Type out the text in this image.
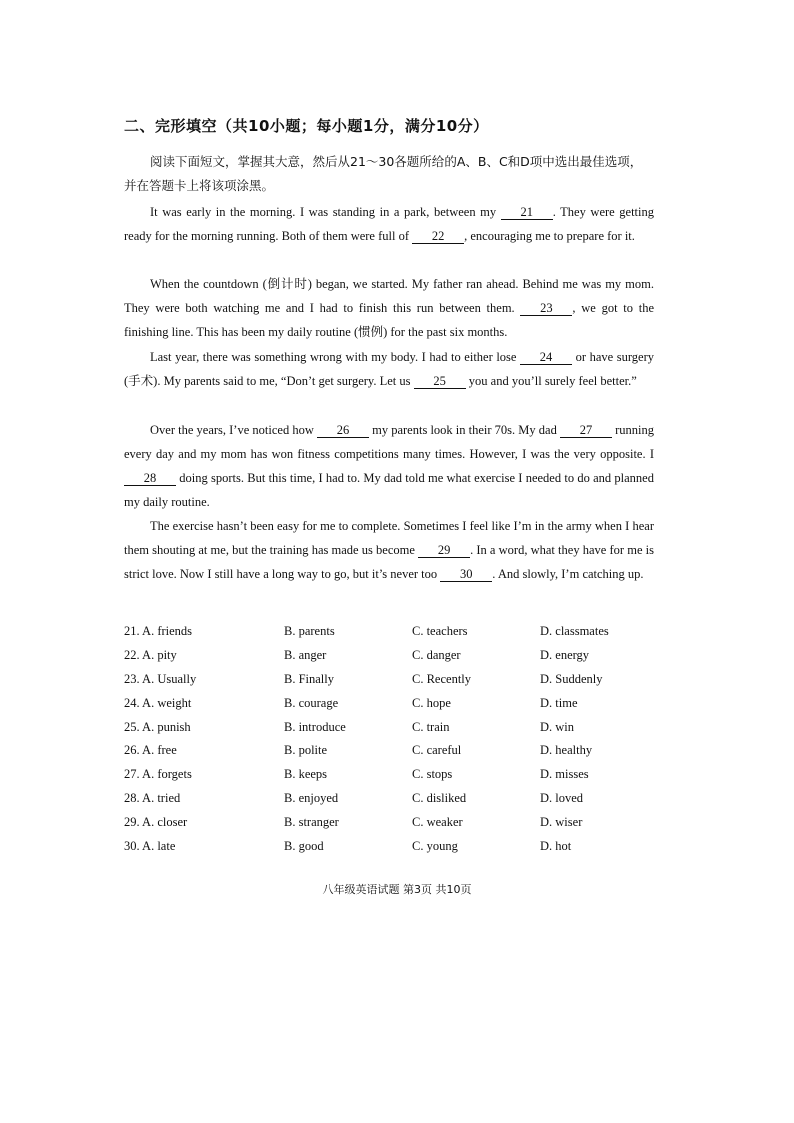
二、完形填空（共10小题；每小题1分，满分10分）
阅读下面短文，掌握其大意，然后从21～30各题所给的A、B、C和D项中选出最佳选项，并在答题卡上将该项涂黑。

It was early in the morning. I was standing in a park, between my 21 . They were getting ready for the morning running. Both of them were full of 22 , encouraging me to prepare for it.

When the countdown (倒计时) began, we started. My father ran ahead. Behind me was my mom. They were both watching me and I had to finish this run between them. 23 , we got to the finishing line. This has been my daily routine (惯例) for the past six months.

Last year, there was something wrong with my body. I had to either lose 24 or have surgery (手术). My parents said to me, “Don’t get surgery. Let us 25 you and you’ll surely feel better.”

Over the years, I’ve noticed how 26 my parents look in their 70s. My dad 27 running every day and my mom has won fitness competitions many times. However, I was the very opposite. I 28 doing sports. But this time, I had to. My dad told me what exercise I needed to do and planned my daily routine.

The exercise hasn’t been easy for me to complete. Sometimes I feel like I’m in the army when I hear them shouting at me, but the training has made us become 29 . In a word, what they have for me is strict love. Now I still have a long way to go, but it’s never too 30 . And slowly, I’m catching up.

21. A. friends	B. parents	C. teachers	D. classmates
22. A. pity	B. anger	C. danger	D. energy
23. A. Usually	B. Finally	C. Recently	D. Suddenly
24. A. weight	B. courage	C. hope	D. time
25. A. punish	B. introduce	C. train	D. win
26. A. free	B. polite	C. careful	D. healthy
27. A. forgets	B. keeps	C. stops	D. misses
28. A. tried	B. enjoyed	C. disliked	D. loved
29. A. closer	B. stranger	C. weaker	D. wiser
30. A. late	B. good	C. young	D. hot
八年级英语试题 第3页 共10页
